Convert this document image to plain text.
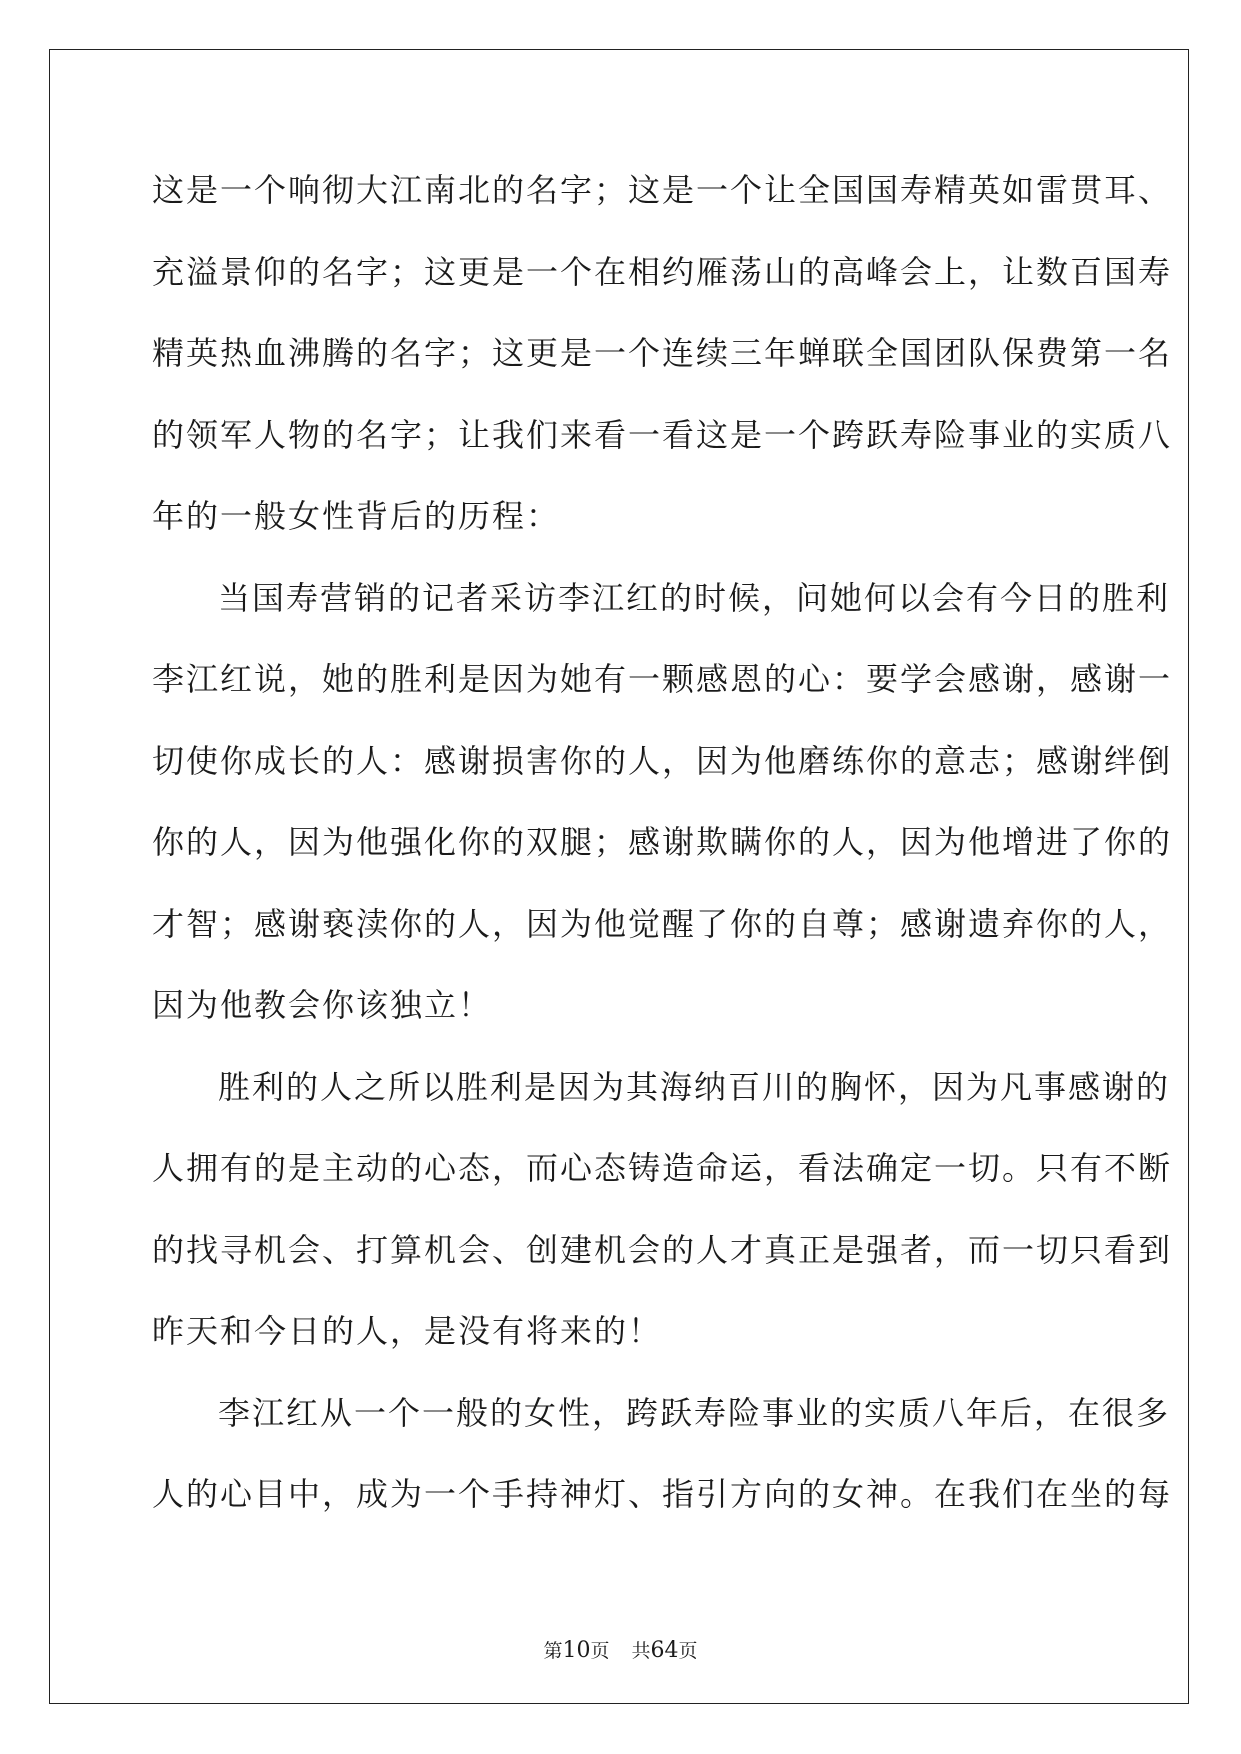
这是一个响彻大江南北的名字；这是一个让全国国寿精英如雷贯耳、
充溢景仰的名字；这更是一个在相约雁荡山的高峰会上，让数百国寿
精英热血沸腾的名字；这更是一个连续三年蝉联全国团队保费第一名
的领军人物的名字；让我们来看一看这是一个跨跃寿险事业的实质八
年的一般女性背后的历程：
当国寿营销的记者采访李江红的时候，问她何以会有今日的胜利
李江红说，她的胜利是因为她有一颗感恩的心：要学会感谢，感谢一
切使你成长的人：感谢损害你的人，因为他磨练你的意志；感谢绊倒
你的人，因为他强化你的双腿；感谢欺瞒你的人，因为他增进了你的
才智；感谢亵渎你的人，因为他觉醒了你的自尊；感谢遗弃你的人，
因为他教会你该独立！
胜利的人之所以胜利是因为其海纳百川的胸怀，因为凡事感谢的
人拥有的是主动的心态，而心态铸造命运，看法确定一切。只有不断
的找寻机会、打算机会、创建机会的人才真正是强者，而一切只看到
昨天和今日的人，是没有将来的！
李江红从一个一般的女性，跨跃寿险事业的实质八年后，在很多
人的心目中，成为一个手持神灯、指引方向的女神。在我们在坐的每
第10页 共64页
